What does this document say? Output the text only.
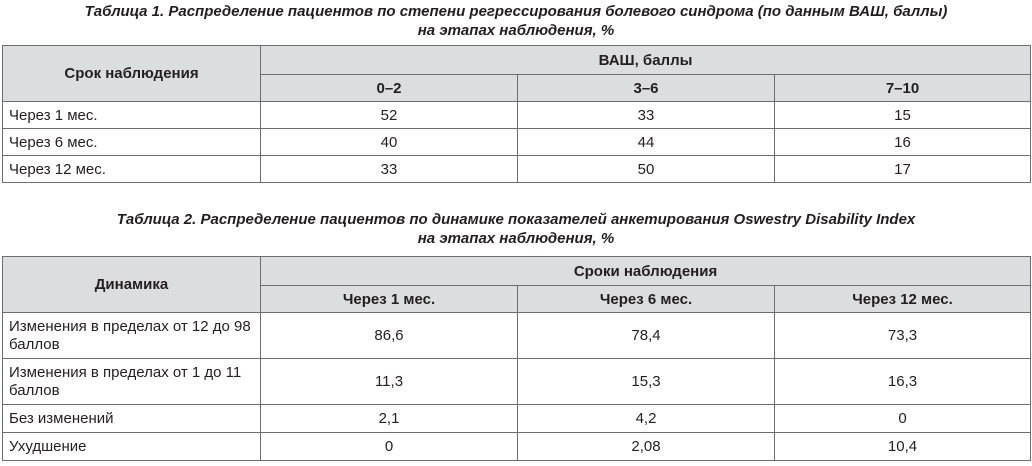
Таблица 1. Распределение пациентов по степени регрессирования болевого синдрома (по данным ВАШ, баллы)
на этапах наблюдения, %
Срок наблюдения	ВАШ, баллы		
	0–2	3–6	7–10
Через 1 мес.	52	33	15
Через 6 мес.	40	44	16
Через 12 мес.	33	50	17
Таблица 2. Распределение пациентов по динамике показателей анкетирования Oswestry Disability Index
на этапах наблюдения, %
Динамика	Сроки наблюдения		
	Через 1 мес.	Через 6 мес.	Через 12 мес.
Изменения в пределах от 12 до 98 баллов	86,6	78,4	73,3
Изменения в пределах от 1 до 11 баллов	11,3	15,3	16,3
Без изменений	2,1	4,2	0
Ухудшение	0	2,08	10,4
